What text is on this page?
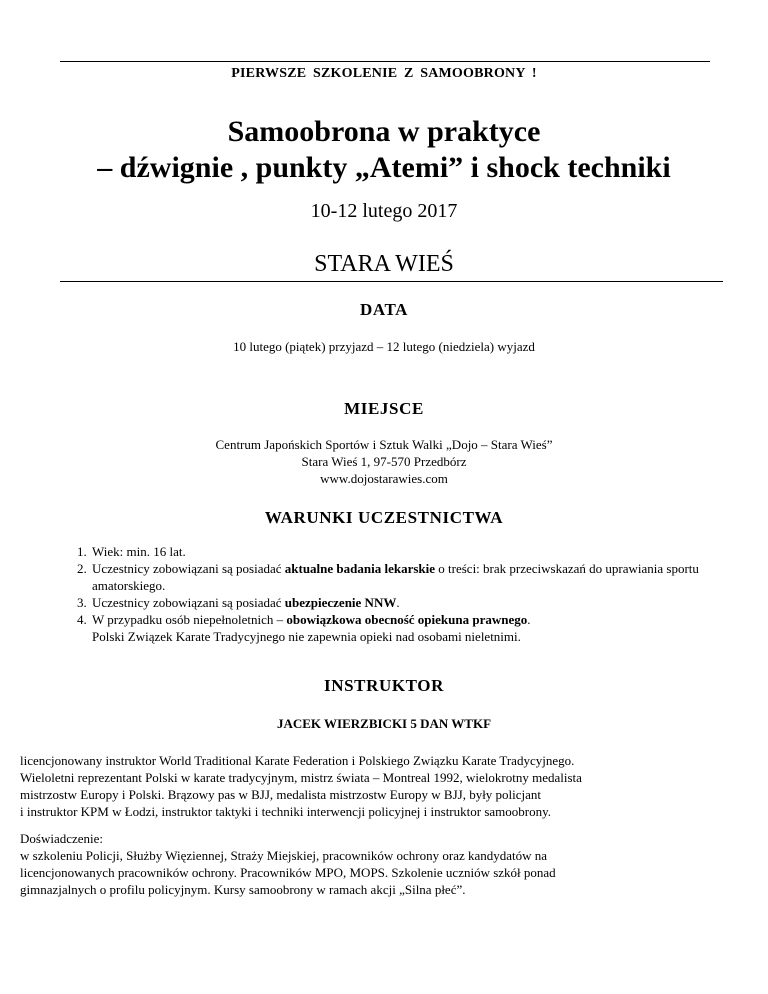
PIERWSZE SZKOLENIE Z SAMOOBRONY !
Samoobrona w praktyce
– dźwignie , punkty „Atemi” i shock techniki
10-12 lutego 2017
STARA WIEŚ
DATA
10 lutego (piątek) przyjazd – 12 lutego (niedziela) wyjazd
MIEJSCE
Centrum Japońskich Sportów i Sztuk Walki „Dojo – Stara Wieś”
Stara Wieś 1, 97-570 Przedbórz
www.dojostarawies.com
WARUNKI UCZESTNICTWA
1. Wiek: min. 16 lat.
2. Uczestnicy zobowiązani są posiadać aktualne badania lekarskie o treści: brak przeciwskazań do uprawiania sportu amatorskiego.
3. Uczestnicy zobowiązani są posiadać ubezpieczenie NNW.
4. W przypadku osób niepełnoletnich – obowiązkowa obecność opiekuna prawnego.
Polski Związek Karate Tradycyjnego nie zapewnia opieki nad osobami nieletnimi.
INSTRUKTOR
JACEK WIERZBICKI 5 DAN WTKF
licencjonowany instruktor World Traditional Karate Federation i Polskiego Związku Karate Tradycyjnego.
Wieloletni reprezentant Polski w karate tradycyjnym, mistrz świata – Montreal 1992, wielokrotny medalista
mistrzostw Europy i Polski. Brązowy pas w BJJ, medalista mistrzostw Europy w BJJ, były policjant
i instruktor KPM w Łodzi, instruktor taktyki i techniki interwencji policyjnej i instruktor samoobrony.
Doświadczenie:
w szkoleniu Policji, Służby Więziennej, Straży Miejskiej, pracowników ochrony oraz kandydatów na
licencjonowanych pracowników ochrony. Pracowników MPO, MOPS. Szkolenie uczniów szkół ponad
gimnazjalnych o profilu policyjnym. Kursy samoobrony w ramach akcji „Silna płeć”.
